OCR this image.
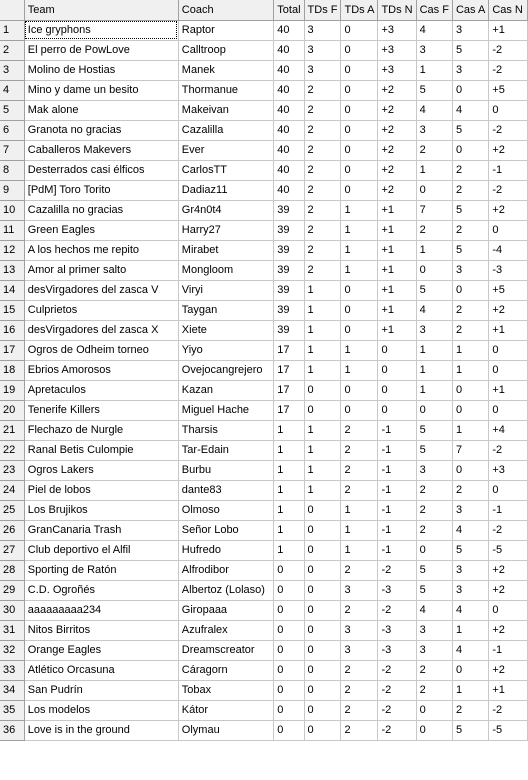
	Team	Coach	Total	TDs F	TDs A	TDs N	Cas F	Cas A	Cas N
1	Ice gryphons	Raptor	40	3	0	+3	4	3	+1
2	El perro de PowLove	Calltroop	40	3	0	+3	3	5	-2
3	Molino de Hostias	Manek	40	3	0	+3	1	3	-2
4	Mino y dame un besito	Thormanue	40	2	0	+2	5	0	+5
5	Mak alone	Makeivan	40	2	0	+2	4	4	0
6	Granota no gracias	Cazalilla	40	2	0	+2	3	5	-2
7	Caballeros Makevers	Ever	40	2	0	+2	2	0	+2
8	Desterrados casi élficos	CarlosTT	40	2	0	+2	1	2	-1
9	[PdM] Toro Torito	Dadiaz11	40	2	0	+2	0	2	-2
10	Cazalilla no gracias	Gr4n0t4	39	2	1	+1	7	5	+2
11	Green Eagles	Harry27	39	2	1	+1	2	2	0
12	A los hechos me repito	Mirabet	39	2	1	+1	1	5	-4
13	Amor al primer salto	Mongloom	39	2	1	+1	0	3	-3
14	desVirgadores del zasca V	Viryi	39	1	0	+1	5	0	+5
15	Culprietos	Taygan	39	1	0	+1	4	2	+2
16	desVirgadores del zasca X	Xiete	39	1	0	+1	3	2	+1
17	Ogros de Odheim torneo	Yiyo	17	1	1	0	1	1	0
18	Ebrios Amorosos	Ovejocangrejero	17	1	1	0	1	1	0
19	Apretaculos	Kazan	17	0	0	0	1	0	+1
20	Tenerife Killers	Miguel Hache	17	0	0	0	0	0	0
21	Flechazo de Nurgle	Tharsis	1	1	2	-1	5	1	+4
22	Ranal Betis Culompie	Tar-Edain	1	1	2	-1	5	7	-2
23	Ogros Lakers	Burbu	1	1	2	-1	3	0	+3
24	Piel de lobos	dante83	1	1	2	-1	2	2	0
25	Los Brujikos	Olmoso	1	0	1	-1	2	3	-1
26	GranCanaria Trash	Señor Lobo	1	0	1	-1	2	4	-2
27	Club deportivo el Alfil	Hufredo	1	0	1	-1	0	5	-5
28	Sporting de Ratón	Alfrodibor	0	0	2	-2	5	3	+2
29	C.D. Ogroñés	Albertoz (Lolaso)	0	0	3	-3	5	3	+2
30	aaaaaaaaa234	Giropaaa	0	0	2	-2	4	4	0
31	Nitos Birritos	Azufralex	0	0	3	-3	3	1	+2
32	Orange Eagles	Dreamscreator	0	0	3	-3	3	4	-1
33	Atlético Orcasuna	Cáragorn	0	0	2	-2	2	0	+2
34	San Pudrín	Tobax	0	0	2	-2	2	1	+1
35	Los modelos	Kátor	0	0	2	-2	0	2	-2
36	Love is in the ground	Olymau	0	0	2	-2	0	5	-5
